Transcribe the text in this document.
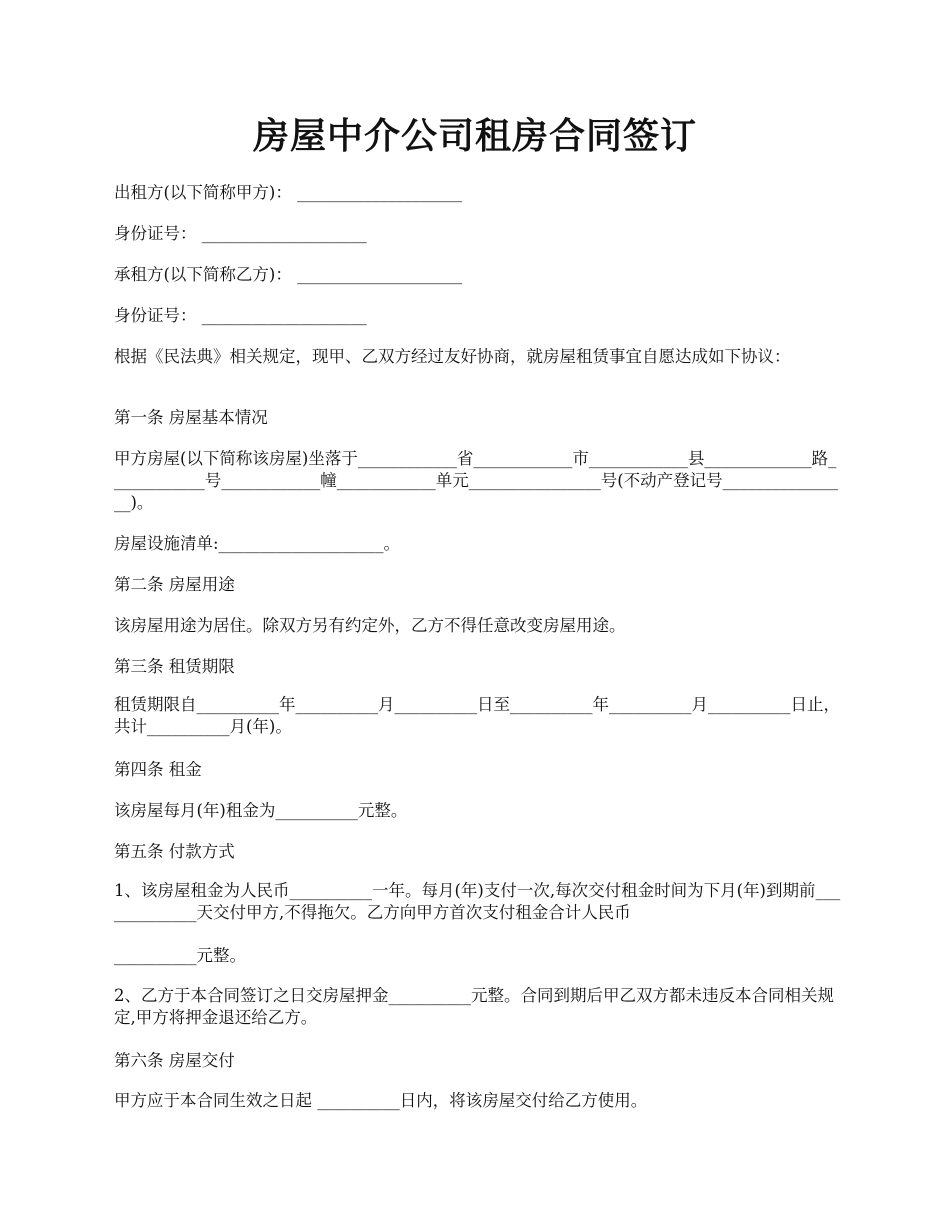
房屋中介公司租房合同签订

出租方(以下简称甲方)： ____________________

身份证号： ____________________

承租方(以下简称乙方)： ____________________

身份证号： ____________________

根据《民法典》相关规定，现甲、乙双方经过友好协商，就房屋租赁事宜自愿达成如下协议：

第一条 房屋基本情况

甲方房屋(以下简称该房屋)坐落于____________省____________市____________县_____________路____________号____________幢____________单元________________号(不动产登记号________________)。

房屋设施清单:____________________。

第二条 房屋用途

该房屋用途为居住。除双方另有约定外，乙方不得任意改变房屋用途。

第三条 租赁期限

租赁期限自__________年__________月__________日至__________年__________月__________日止，共计__________月(年)。

第四条 租金

该房屋每月(年)租金为__________元整。

第五条 付款方式

1、该房屋租金为人民币__________一年。每月(年)支付一次,每次交付租金时间为下月(年)到期前_____________天交付甲方,不得拖欠。乙方向甲方首次支付租金合计人民币

__________元整。

2、乙方于本合同签订之日交房屋押金__________元整。合同到期后甲乙双方都未违反本合同相关规定,甲方将押金退还给乙方。

第六条 房屋交付

甲方应于本合同生效之日起 __________日内，将该房屋交付给乙方使用。
